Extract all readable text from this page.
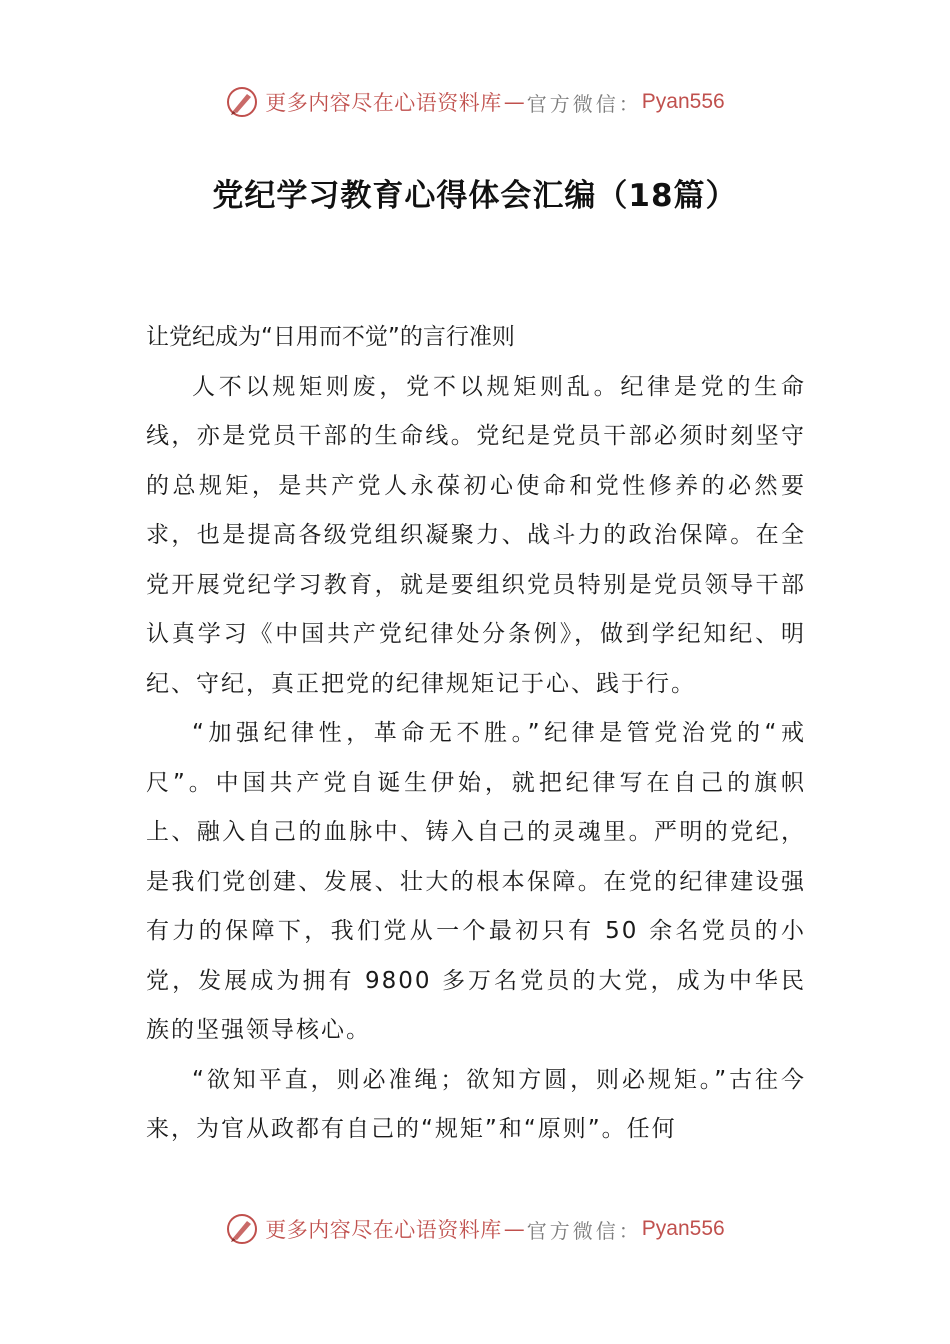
更多内容尽在心语资料库 — 官方微信： Pyan556
党纪学习教育心得体会汇编（18篇）
让党纪成为“日用而不觉”的言行准则

人不以规矩则废，党不以规矩则乱。纪律是党的生命线，亦是党员干部的生命线。党纪是党员干部必须时刻坚守的总规矩，是共产党人永葆初心使命和党性修养的必然要求，也是提高各级党组织凝聚力、战斗力的政治保障。在全党开展党纪学习教育，就是要组织党员特别是党员领导干部认真学习《中国共产党纪律处分条例》，做到学纪知纪、明纪、守纪，真正把党的纪律规矩记于心、践于行。

“加强纪律性，革命无不胜。”纪律是管党治党的“戒尺”。中国共产党自诞生伊始，就把纪律写在自己的旗帜上、融入自己的血脉中、铸入自己的灵魂里。严明的党纪，是我们党创建、发展、壮大的根本保障。在党的纪律建设强有力的保障下，我们党从一个最初只有 50 余名党员的小党，发展成为拥有 9800 多万名党员的大党，成为中华民族的坚强领导核心。

“欲知平直，则必准绳；欲知方圆，则必规矩。”古往今来，为官从政都有自己的“规矩”和“原则”。任何

更多内容尽在心语资料库 — 官方微信： Pyan556
